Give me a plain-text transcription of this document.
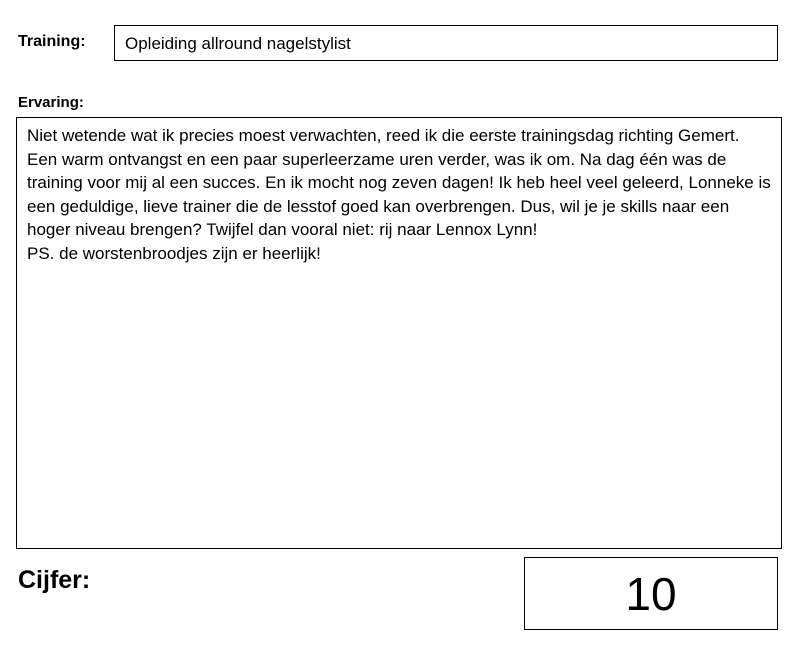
Training:	Opleiding allround nagelstylist
Ervaring:

Niet wetende wat ik precies moest verwachten, reed ik die eerste trainingsdag richting Gemert. Een warm ontvangst en een paar superleerzame uren verder, was ik om. Na dag één was de training voor mij al een succes. En ik mocht nog zeven dagen! Ik heb heel veel geleerd, Lonneke is een geduldige, lieve trainer die de lesstof goed kan overbrengen. Dus, wil je je skills naar een hoger niveau brengen? Twijfel dan vooral niet: rij naar Lennox Lynn!

PS. de worstenbroodjes zijn er heerlijk!

Cijfer:	10
